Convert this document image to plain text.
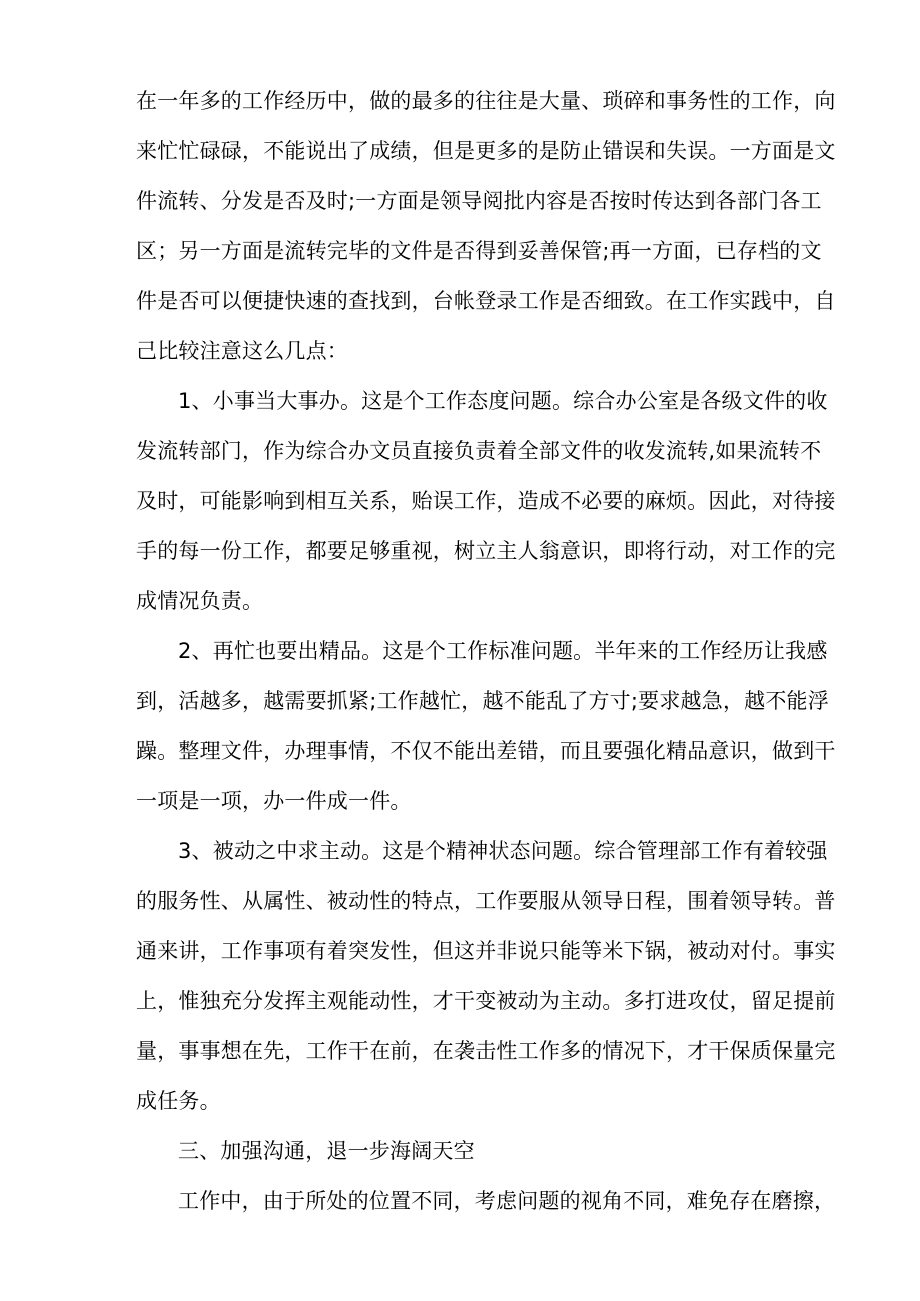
在一年多的工作经历中，做的最多的往往是大量、琐碎和事务性的工作，向
来忙忙碌碌，不能说出了成绩，但是更多的是防止错误和失误。一方面是文
件流转、分发是否及时;一方面是领导阅批内容是否按时传达到各部门各工
区；另一方面是流转完毕的文件是否得到妥善保管;再一方面，已存档的文
件是否可以便捷快速的查找到，台帐登录工作是否细致。在工作实践中，自
己比较注意这么几点：
1、小事当大事办。这是个工作态度问题。综合办公室是各级文件的收
发流转部门，作为综合办文员直接负责着全部文件的收发流转,如果流转不
及时，可能影响到相互关系，贻误工作，造成不必要的麻烦。因此，对待接
手的每一份工作，都要足够重视，树立主人翁意识，即将行动，对工作的完
成情况负责。
2、再忙也要出精品。这是个工作标准问题。半年来的工作经历让我感
到，活越多，越需要抓紧;工作越忙，越不能乱了方寸;要求越急，越不能浮
躁。整理文件，办理事情，不仅不能出差错，而且要强化精品意识，做到干
一项是一项，办一件成一件。
3、被动之中求主动。这是个精神状态问题。综合管理部工作有着较强
的服务性、从属性、被动性的特点，工作要服从领导日程，围着领导转。普
通来讲，工作事项有着突发性，但这并非说只能等米下锅，被动对付。事实
上，惟独充分发挥主观能动性，才干变被动为主动。多打进攻仗，留足提前
量，事事想在先，工作干在前，在袭击性工作多的情况下，才干保质保量完
成任务。
三、加强沟通，退一步海阔天空
工作中，由于所处的位置不同，考虑问题的视角不同，难免存在磨擦，
